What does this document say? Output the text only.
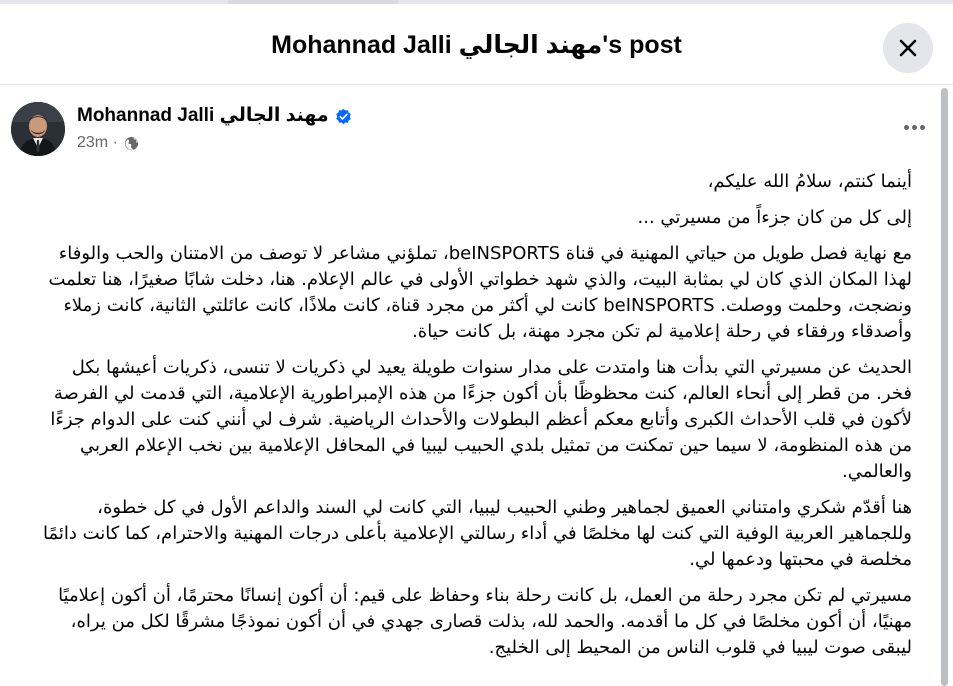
Mohannad Jalli مهند الجالي's post
Mohannad Jalli مهند الجالي
23m ·

أينما كنتم، سلامُ الله عليكم،

إلى كل من كان جزءاً من مسيرتي ...

مع نهاية فصل طويل من حياتي المهنية في قناة beINSPORTS، تملؤني مشاعر لا توصف من الامتنان والحب والوفاء لهذا المكان الذي كان لي بمثابة البيت، والذي شهد خطواتي الأولى في عالم الإعلام. هنا، دخلت شابًا صغيرًا، هنا تعلمت ونضجت، وحلمت ووصلت. beINSPORTS كانت لي أكثر من مجرد قناة، كانت ملاذًا، كانت عائلتي الثانية، كانت زملاء وأصدقاء ورفقاء في رحلة إعلامية لم تكن مجرد مهنة، بل كانت حياة.

الحديث عن مسيرتي التي بدأت هنا وامتدت على مدار سنوات طويلة يعيد لي ذكريات لا تنسى، ذكريات أعيشها بكل فخر. من قطر إلى أنحاء العالم، كنت محظوظًا بأن أكون جزءًا من هذه الإمبراطورية الإعلامية، التي قدمت لي الفرصة لأكون في قلب الأحداث الكبرى وأتابع معكم أعظم البطولات والأحداث الرياضية. شرف لي أنني كنت على الدوام جزءًا من هذه المنظومة، لا سيما حين تمكنت من تمثيل بلدي الحبيب ليبيا في المحافل الإعلامية بين نخب الإعلام العربي والعالمي.

هنا أقدّم شكري وامتناني العميق لجماهير وطني الحبيب ليبيا، التي كانت لي السند والداعم الأول في كل خطوة، وللجماهير العربية الوفية التي كنت لها مخلصًا في أداء رسالتي الإعلامية بأعلى درجات المهنية والاحترام، كما كانت دائمًا مخلصة في محبتها ودعمها لي.

مسيرتي لم تكن مجرد رحلة من العمل، بل كانت رحلة بناء وحفاظ على قيم: أن أكون إنسانًا محترمًا، أن أكون إعلاميًا مهنيًا، أن أكون مخلصًا في كل ما أقدمه. والحمد لله، بذلت قصارى جهدي في أن أكون نموذجًا مشرقًا لكل من يراه، ليبقى صوت ليبيا في قلوب الناس من المحيط إلى الخليج.
